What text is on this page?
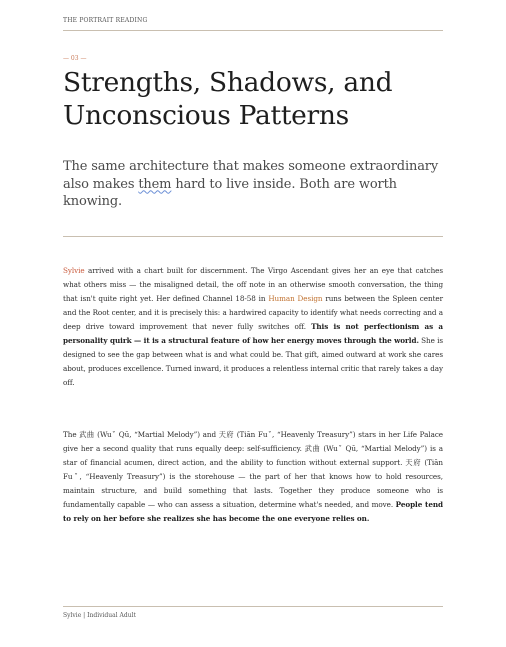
THE PORTRAIT READING
— 03 —
Strengths, Shadows, and Unconscious Patterns

The same architecture that makes someone extraordinary also makes them hard to live inside. Both are worth knowing.

Sylvie arrived with a chart built for discernment. The Virgo Ascendant gives her an eye that catches what others miss — the misaligned detail, the off note in an otherwise smooth conversation, the thing that isn't quite right yet. Her defined Channel 18-58 in Human Design runs between the Spleen center and the Root center, and it is precisely this: a hardwired capacity to identify what needs correcting and a deep drive toward improvement that never fully switches off. This is not perfectionism as a personality quirk — it is a structural feature of how her energy moves through the world. She is designed to see the gap between what is and what could be. That gift, aimed outward at work she cares about, produces excellence. Turned inward, it produces a relentless internal critic that rarely takes a day off.

The 武曲 (Wuˇ Qū, “Martial Melody”) and 天府 (Tiān Fuˇ, “Heavenly Treasury”) stars in her Life Palace give her a second quality that runs equally deep: self-sufficiency. 武曲 (Wuˇ Qū, “Martial Melody”) is a star of financial acumen, direct action, and the ability to function without external support. 天府 (Tiān Fuˇ, “Heavenly Treasury”) is the storehouse — the part of her that knows how to hold resources, maintain structure, and build something that lasts. Together they produce someone who is fundamentally capable — who can assess a situation, determine what's needed, and move. People tend to rely on her before she realizes she has become the one everyone relies on.

Sylvie | Individual Adult
